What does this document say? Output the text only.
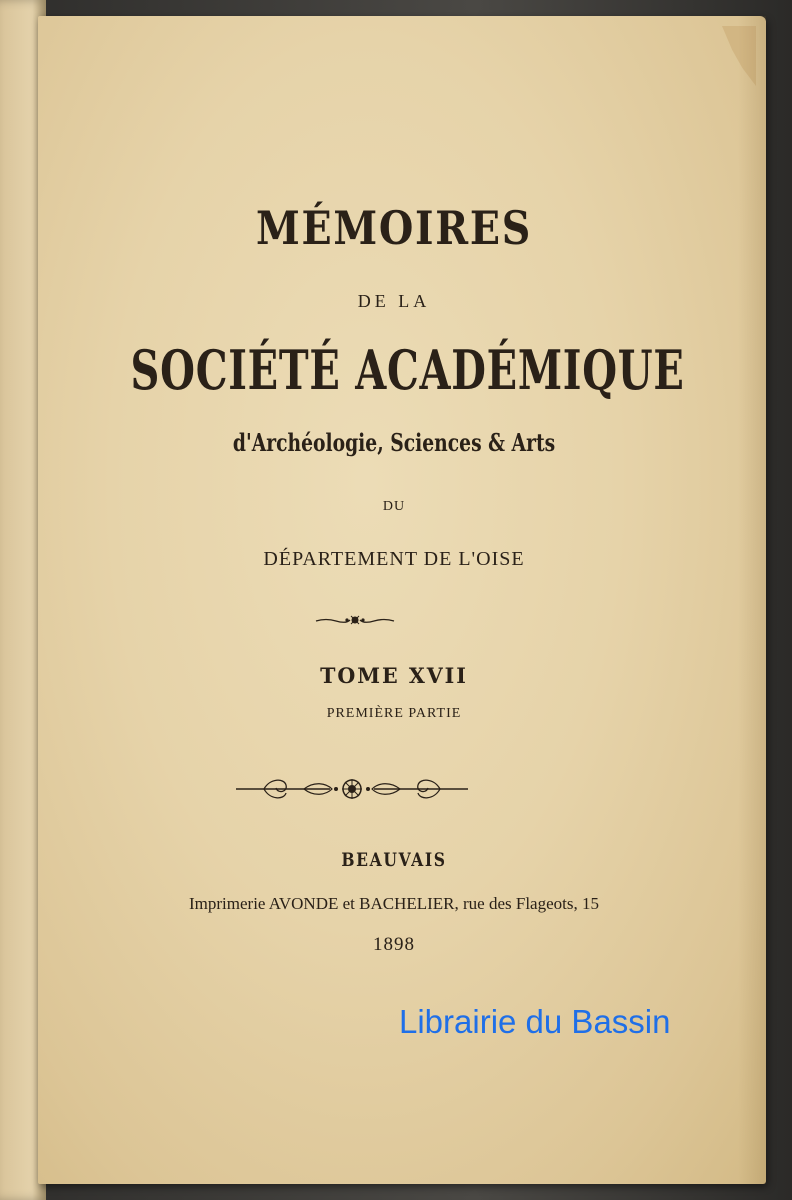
MÉMOIRES
DE LA
SOCIÉTÉ ACADÉMIQUE
d'Archéologie, Sciences & Arts
DU
DÉPARTEMENT DE L'OISE
TOME XVII
PREMIÈRE PARTIE
BEAUVAIS
Imprimerie AVONDE et BACHELIER, rue des Flageots, 15
1898
Librairie du Bassin
